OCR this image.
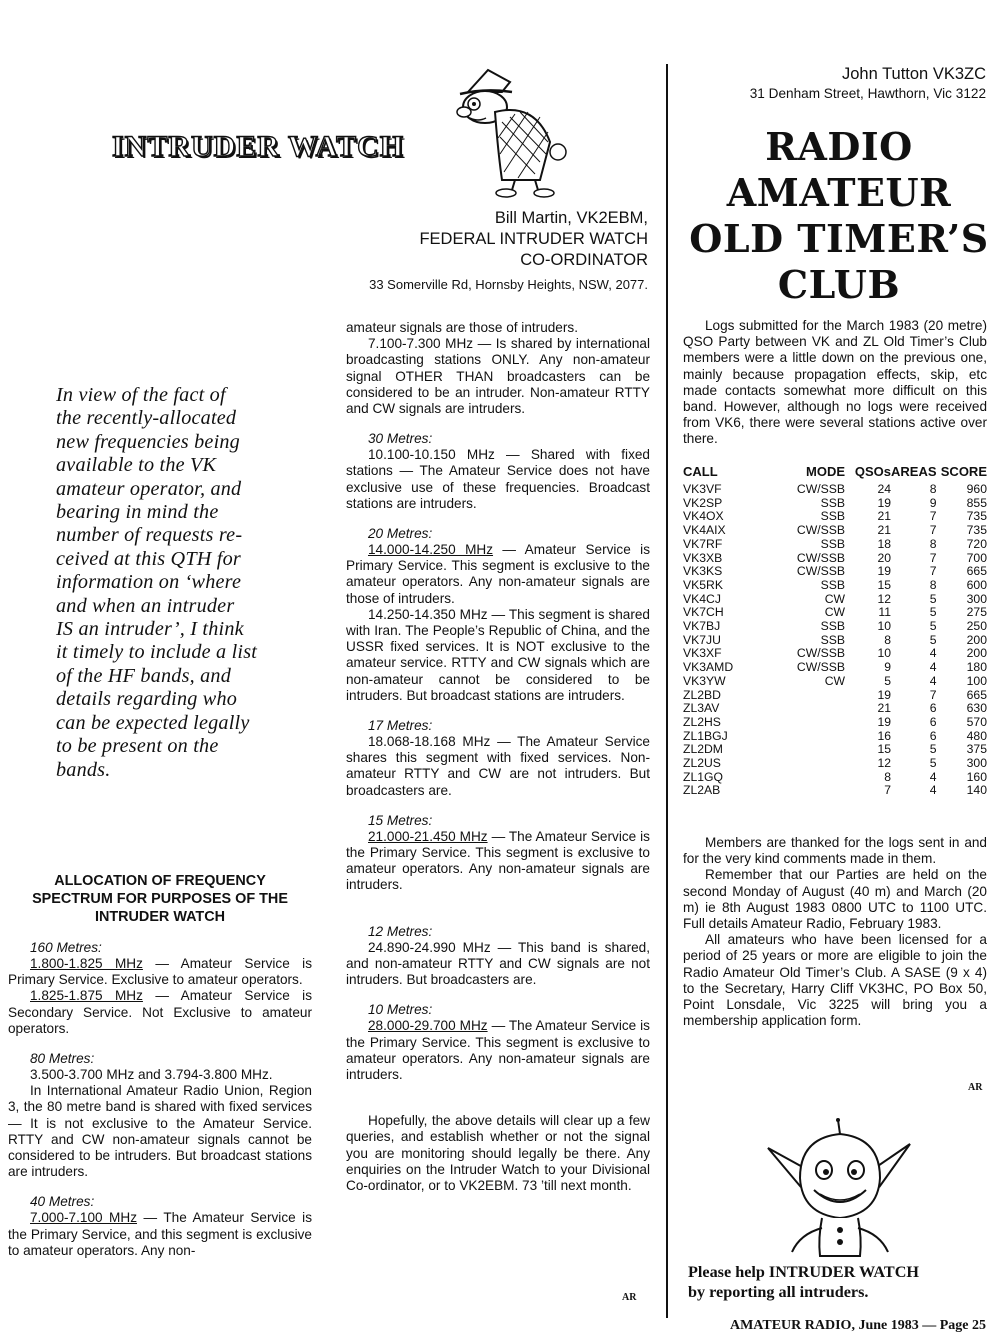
INTRUDER WATCH
Bill Martin, VK2EBM,
FEDERAL INTRUDER WATCH
CO-ORDINATOR
33 Somerville Rd, Hornsby Heights, NSW, 2077.
In view of the fact of
the recently-allocated
new frequencies being
available to the VK
amateur operator, and
bearing in mind the
number of requests re-
ceived at this QTH for
information on ‘where
and when an intruder
IS an intruder’, I think
it timely to include a list
of the HF bands, and
details regarding who
can be expected legally
to be present on the
bands.
ALLOCATION OF FREQUENCY SPECTRUM FOR PURPOSES OF THE INTRUDER WATCH

160 Metres:

1.800-1.825 MHz — Amateur Service is Primary Service. Exclusive to amateur operators.

1.825-1.875 MHz — Amateur Service is Secondary Service. Not Exclusive to amateur operators.

80 Metres:

3.500-3.700 MHz and 3.794-3.800 MHz.

In International Amateur Radio Union, Region 3, the 80 metre band is shared with fixed services — It is not exclusive to the Amateur Service. RTTY and CW non-amateur signals cannot be considered to be intruders. But broadcast stations are intruders.

40 Metres:

7.000-7.100 MHz — The Amateur Service is the Primary Service, and this segment is exclusive to amateur operators. Any non-

amateur signals are those of intruders.

7.100-7.300 MHz — Is shared by international broadcasting stations ONLY. Any non-amateur signal OTHER THAN broadcasters can be considered to be an intruder. Non-amateur RTTY and CW signals are intruders.

30 Metres:

10.100-10.150 MHz — Shared with fixed stations — The Amateur Service does not have exclusive use of these frequencies. Broadcast stations are intruders.

20 Metres:

14.000-14.250 MHz — Amateur Service is Primary Service. This segment is exclusive to the amateur operators. Any non-amateur signals are those of intruders.

14.250-14.350 MHz — This segment is shared with Iran. The People’s Republic of China, and the USSR fixed services. It is NOT exclusive to the amateur service. RTTY and CW signals which are non-amateur cannot be considered to be intruders. But broadcast stations are intruders.

17 Metres:

18.068-18.168 MHz — The Amateur Service shares this segment with fixed services. Non-amateur RTTY and CW are not intruders. But broadcasters are.

15 Metres:

21.000-21.450 MHz — The Amateur Service is the Primary Service. This segment is exclusive to amateur operators. Any non-amateur signals are intruders.

12 Metres:

24.890-24.990 MHz — This band is shared, and non-amateur RTTY and CW signals are not intruders. But broadcasters are.

10 Metres:

28.000-29.700 MHz — The Amateur Service is the Primary Service. This segment is exclusive to amateur operators. Any non-amateur signals are intruders.

Hopefully, the above details will clear up a few queries, and establish whether or not the signal you are monitoring should legally be there. Any enquiries on the Intruder Watch to your Divisional Co-ordinator, or to VK2EBM. 73 ’till next month.

AR
John Tutton VK3ZC
31 Denham Street, Hawthorn, Vic 3122
RADIO
AMATEUR
OLD TIMER’S
CLUB

Logs submitted for the March 1983 (20 metre) QSO Party between VK and ZL Old Timer’s Club members were a little down on the previous one, mainly because propagation effects, skip, etc made contacts somewhat more difficult on this band. However, although no logs were received from VK6, there were several stations active over there.

CALL	MODE	QSOs	AREAS	SCORE
VK3VF	CW/SSB	24	8	960
VK2SP	SSB	19	9	855
VK4OX	SSB	21	7	735
VK4AIX	CW/SSB	21	7	735
VK7RF	SSB	18	8	720
VK3XB	CW/SSB	20	7	700
VK3KS	CW/SSB	19	7	665
VK5RK	SSB	15	8	600
VK4CJ	CW	12	5	300
VK7CH	CW	11	5	275
VK7BJ	SSB	10	5	250
VK7JU	SSB	8	5	200
VK3XF	CW/SSB	10	4	200
VK3AMD	CW/SSB	9	4	180
VK3YW	CW	5	4	100
ZL2BD		19	7	665
ZL3AV		21	6	630
ZL2HS		19	6	570
ZL1BGJ		16	6	480
ZL2DM		15	5	375
ZL2US		12	5	300
ZL1GQ		8	4	160
ZL2AB		7	4	140

Members are thanked for the logs sent in and for the very kind comments made in them.

Remember that our Parties are held on the second Monday of August (40 m) and March (20 m) ie 8th August 1983 0800 UTC to 1100 UTC. Full details Amateur Radio, February 1983.

All amateurs who have been licensed for a period of 25 years or more are eligible to join the Radio Amateur Old Timer’s Club. A SASE (9 x 4) to the Secretary, Harry Cliff VK3HC, PO Box 50, Point Lonsdale, Vic 3225 will bring you a membership application form.

AR
Please help INTRUDER WATCH
by reporting all intruders.
AMATEUR RADIO, June 1983 — Page 25
